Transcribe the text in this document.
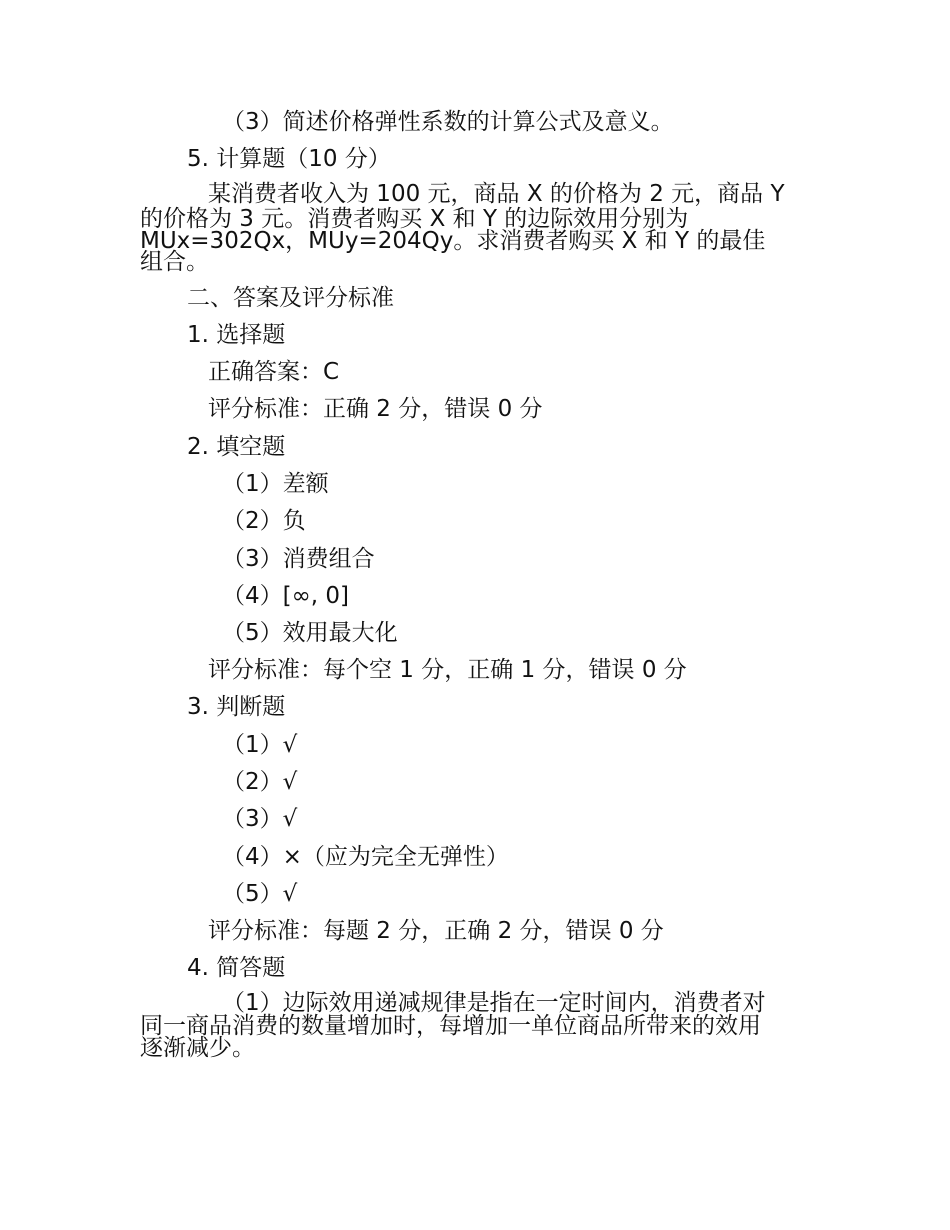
（3）简述价格弹性系数的计算公式及意义。
5. 计算题（10 分）
某消费者收入为 100 元，商品 X 的价格为 2 元，商品 Y
的价格为 3 元。消费者购买 X 和 Y 的边际效用分别为
MUx=302Qx，MUy=204Qy。求消费者购买 X 和 Y 的最佳
组合。
二、答案及评分标准
1. 选择题
正确答案：C
评分标准：正确 2 分，错误 0 分
2. 填空题
（1）差额
（2）负
（3）消费组合
（4）[∞, 0]
（5）效用最大化
评分标准：每个空 1 分，正确 1 分，错误 0 分
3. 判断题
（1）√
（2）√
（3）√
（4）×（应为完全无弹性）
（5）√
评分标准：每题 2 分，正确 2 分，错误 0 分
4. 简答题
（1）边际效用递减规律是指在一定时间内，消费者对
同一商品消费的数量增加时，每增加一单位商品所带来的效用
逐渐减少。
